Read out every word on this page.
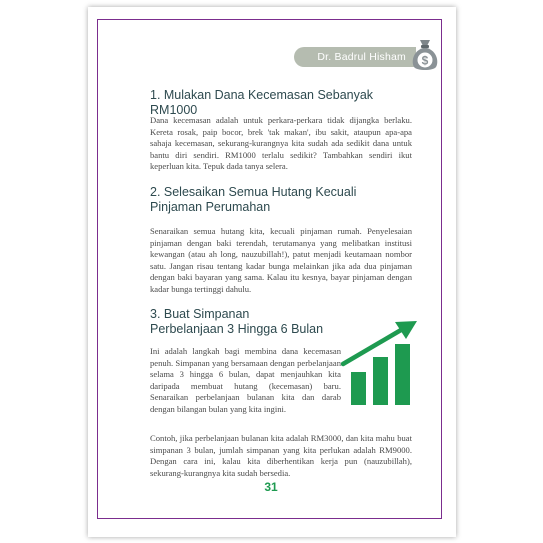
Dr. Badrul Hisham $
1. Mulakan Dana Kecemasan Sebanyak RM1000

Dana kecemasan adalah untuk perkara-perkara tidak dijangka berlaku. Kereta rosak, paip bocor, brek 'tak makan', ibu sakit, ataupun apa-apa sahaja kecemasan, sekurang-kurangnya kita sudah ada sedikit dana untuk bantu diri sendiri. RM1000 terlalu sedikit? Tambahkan sendiri ikut keperluan kita. Tepuk dada tanya selera.

2. Selesaikan Semua Hutang Kecuali Pinjaman Perumahan

Senaraikan semua hutang kita, kecuali pinjaman rumah. Penyelesaian pinjaman dengan baki terendah, terutamanya yang melibatkan institusi kewangan (atau ah long, nauzubillah!), patut menjadi keutamaan nombor satu. Jangan risau tentang kadar bunga melainkan jika ada dua pinjaman dengan baki bayaran yang sama. Kalau itu kesnya, bayar pinjaman dengan kadar bunga tertinggi dahulu.

3. Buat Simpanan Perbelanjaan 3 Hingga 6 Bulan

Ini adalah langkah bagi membina dana kecemasan penuh. Simpanan yang bersamaan dengan perbelanjaan selama 3 hingga 6 bulan, dapat menjauhkan kita daripada membuat hutang (kecemasan) baru. Senaraikan perbelanjaan bulanan kita dan darab dengan bilangan bulan yang kita ingini.

Contoh, jika perbelanjaan bulanan kita adalah RM3000, dan kita mahu buat simpanan 3 bulan, jumlah simpanan yang kita perlukan adalah RM9000. Dengan cara ini, kalau kita diberhentikan kerja pun (nauzubillah), sekurang-kurangnya kita sudah bersedia.

31
